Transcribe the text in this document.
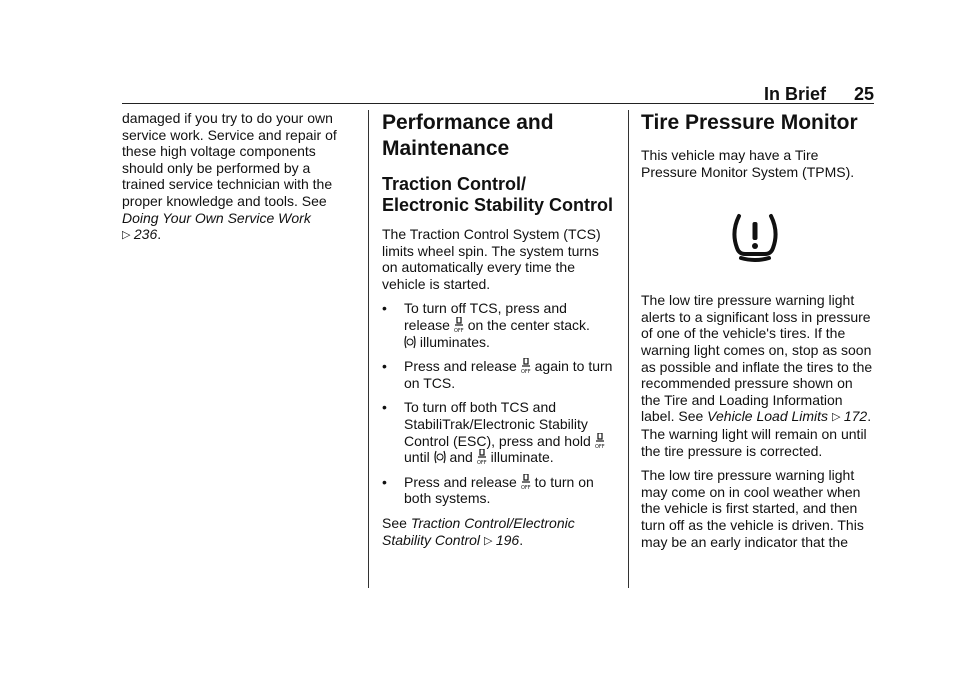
In Brief 25

damaged if you try to do your own service work. Service and repair of these high voltage components should only be performed by a trained service technician with the proper knowledge and tools. See Doing Your Own Service Work
▷ 236.

Performance and Maintenance
Traction Control/ Electronic Stability Control

The Traction Control System (TCS) limits wheel spin. The system turns on automatically every time the vehicle is started.

• To turn off TCS, press and release OFF on the center stack.
illuminates.
• Press and release OFF again to turn on TCS.
• To turn off both TCS and StabiliTrak/Electronic Stability Control (ESC), press and hold OFF

until and OFF illuminate.
• Press and release OFF to turn on both systems.

See Traction Control/Electronic Stability Control ▷ 196.

Tire Pressure Monitor

This vehicle may have a Tire Pressure Monitor System (TPMS).

The low tire pressure warning light alerts to a significant loss in pressure of one of the vehicle's tires. If the warning light comes on, stop as soon as possible and inflate the tires to the recommended pressure shown on the Tire and Loading Information label. See Vehicle Load Limits ▷ 172. The warning light will remain on until the tire pressure is corrected.

The low tire pressure warning light may come on in cool weather when the vehicle is first started, and then turn off as the vehicle is driven. This may be an early indicator that the
